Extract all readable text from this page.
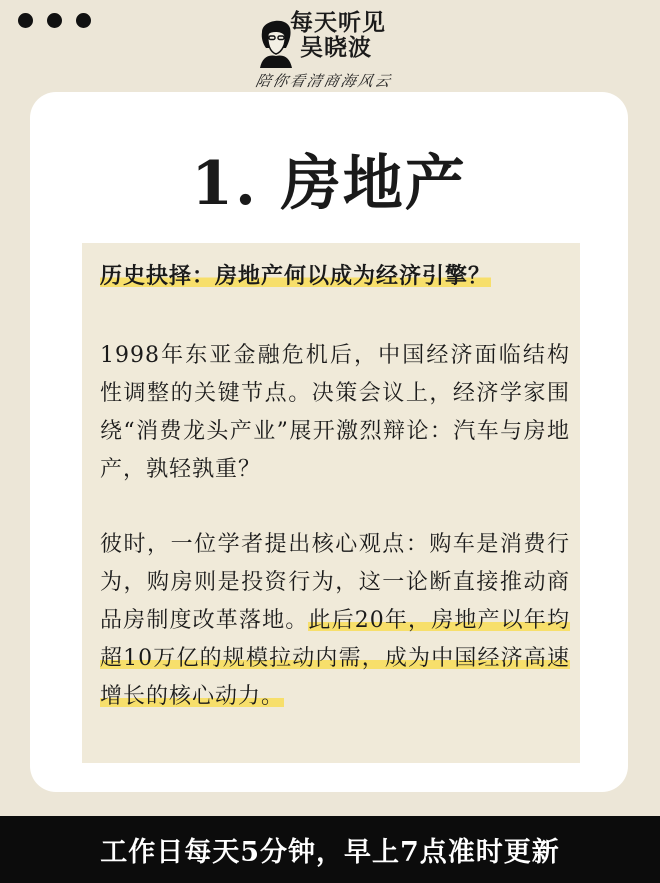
每天听见
吴晓波
陪你看清商海风云
1. 房地产
历史抉择：房地产何以成为经济引擎？
1998年东亚金融危机后，中国经济面临结构性调整的关键节点。决策会议上，经济学家围绕“消费龙头产业”展开激烈辩论：汽车与房地产，孰轻孰重？
彼时，一位学者提出核心观点：购车是消费行为，购房则是投资行为，这一论断直接推动商品房制度改革落地。此后20年，房地产以年均超10万亿的规模拉动内需，成为中国经济高速增长的核心动力。
工作日每天5分钟，早上7点准时更新
